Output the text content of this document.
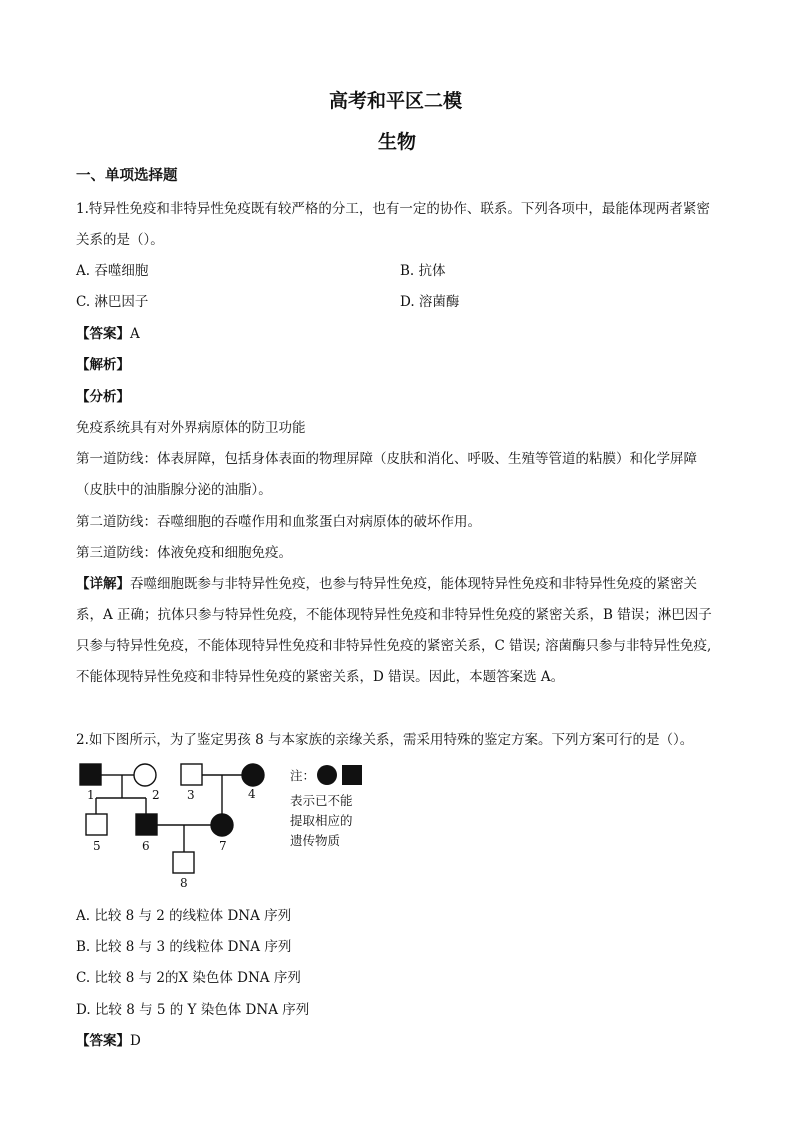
高考和平区二模
生物
一、单项选择题
1.特异性免疫和非特异性免疫既有较严格的分工，也有一定的协作、联系。下列各项中，最能体现两者紧密
关系的是（）。
A. 吞噬细胞	B. 抗体
C. 淋巴因子	D. 溶菌酶
【答案】A
【解析】
【分析】
免疫系统具有对外界病原体的防卫功能
第一道防线：体表屏障，包括身体表面的物理屏障（皮肤和消化、呼吸、生殖等管道的粘膜）和化学屏障
（皮肤中的油脂腺分泌的油脂）。
第二道防线：吞噬细胞的吞噬作用和血浆蛋白对病原体的破坏作用。
第三道防线：体液免疫和细胞免疫。
【详解】吞噬细胞既参与非特异性免疫，也参与特异性免疫，能体现特异性免疫和非特异性免疫的紧密关
系，A 正确；抗体只参与特异性免疫，不能体现特异性免疫和非特异性免疫的紧密关系，B 错误；淋巴因子
只参与特异性免疫，不能体现特异性免疫和非特异性免疫的紧密关系，C 错误; 溶菌酶只参与非特异性免疫,
不能体现特异性免疫和非特异性免疫的紧密关系，D 错误。因此，本题答案选 A。
2.如下图所示，为了鉴定男孩 8 与本家族的亲缘关系，需采用特殊的鉴定方案。下列方案可行的是（）。
1	2 3	4
5	6	7
8
注：
表示已不能
提取相应的
遗传物质
A. 比较 8 与 2 的线粒体 DNA 序列
B. 比较 8 与 3 的线粒体 DNA 序列
C. 比较 8 与 2的X 染色体 DNA 序列
D. 比较 8 与 5 的 Y 染色体 DNA 序列
【答案】D
